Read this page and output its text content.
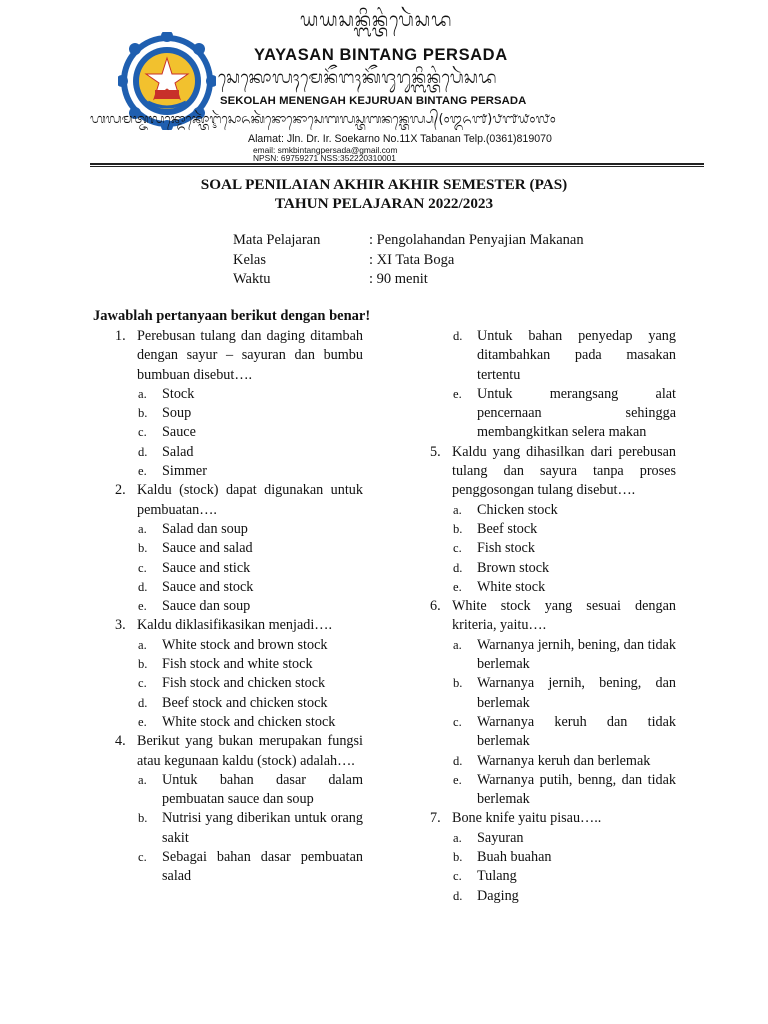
ᬬᬬᬲᬦ᭄ᬩᬶᬦ᭄ᬢᬂᬧᬾᬃᬲᬤ
YAYASAN BINTANG PERSADA
ᬲᬾᬓᭀᬮᬄᬫᬾᬦᭂᬗᬄᬓᭂᬚᬸᬭᬸᬦ᭄ᬩᬶᬦ᭄ᬢᬂᬧᬾᬃᬲᬤ
SEKOLAH MENENGAH KEJURUAN BINTANG PERSADA
ᬳᬮᬫᬢ᭄ᬚᬮᬦ᭄ᬤᭀᬓ᭄ᬢᭀᬃᬇᬃᬲᭀᬏᬓᬃᬦᭀᬦᭀᬲᬾᬩᬮᬲ᭄ᬢᬩᬦᬦ᭄ᬢᬾᬮ᭄ᬧ᭄(᭐᭓᭖᭑)᭘᭑᭙᭐᭗᭐
Alamat: Jln. Dr. Ir. Soekarno No.11X Tabanan Telp.(0361)819070
email: smkbintangpersada@gmail.com
NPSN: 69759271 NSS:352220310001
SOAL PENILAIAN AKHIR AKHIR SEMESTER (PAS)
TAHUN PELAJARAN 2022/2023
Mata Pelajaran	: Pengolahandan Penyajian Makanan
Kelas	: XI Tata Boga
Waktu	: 90 menit
Jawablah pertanyaan berikut dengan benar!
1. Perebusan tulang dan daging ditambah dengan sayur – sayuran dan bumbu bumbuan disebut….
a.	Stock
b.	Soup
c.	Sauce
d.	Salad
e.	Simmer
2. Kaldu (stock) dapat digunakan untuk pembuatan….
a.	Salad dan soup
b.	Sauce and salad
c.	Sauce and stick
d.	Sauce and stock
e.	Sauce dan soup
3. Kaldu diklasifikasikan menjadi….
a.	White stock and brown stock
b.	Fish stock and white stock
c.	Fish stock and chicken stock
d.	Beef stock and chicken stock
e.	White stock and chicken stock
4. Berikut yang bukan merupakan fungsi atau kegunaan kaldu (stock) adalah….
a.	Untuk bahan dasar dalam pembuatan sauce dan soup
b.	Nutrisi yang diberikan untuk orang sakit
c.	Sebagai bahan dasar pembuatan salad
d.	Untuk bahan penyedap yang ditambahkan pada masakan tertentu
e.	Untuk merangsang alat pencernaan sehingga membangkitkan selera makan
5. Kaldu yang dihasilkan dari perebusan tulang dan sayura tanpa proses penggosongan tulang disebut….
a.	Chicken stock
b.	Beef stock
c.	Fish stock
d.	Brown stock
e.	White stock
6. White stock yang sesuai dengan kriteria, yaitu….
a.	Warnanya jernih, bening, dan tidak berlemak
b.	Warnanya jernih, bening, dan berlemak
c.	Warnanya keruh dan tidak berlemak
d.	Warnanya keruh dan berlemak
e.	Warnanya putih, benng, dan tidak berlemak
7. Bone knife yaitu pisau…..
a.	Sayuran
b.	Buah buahan
c.	Tulang
d.	Daging
